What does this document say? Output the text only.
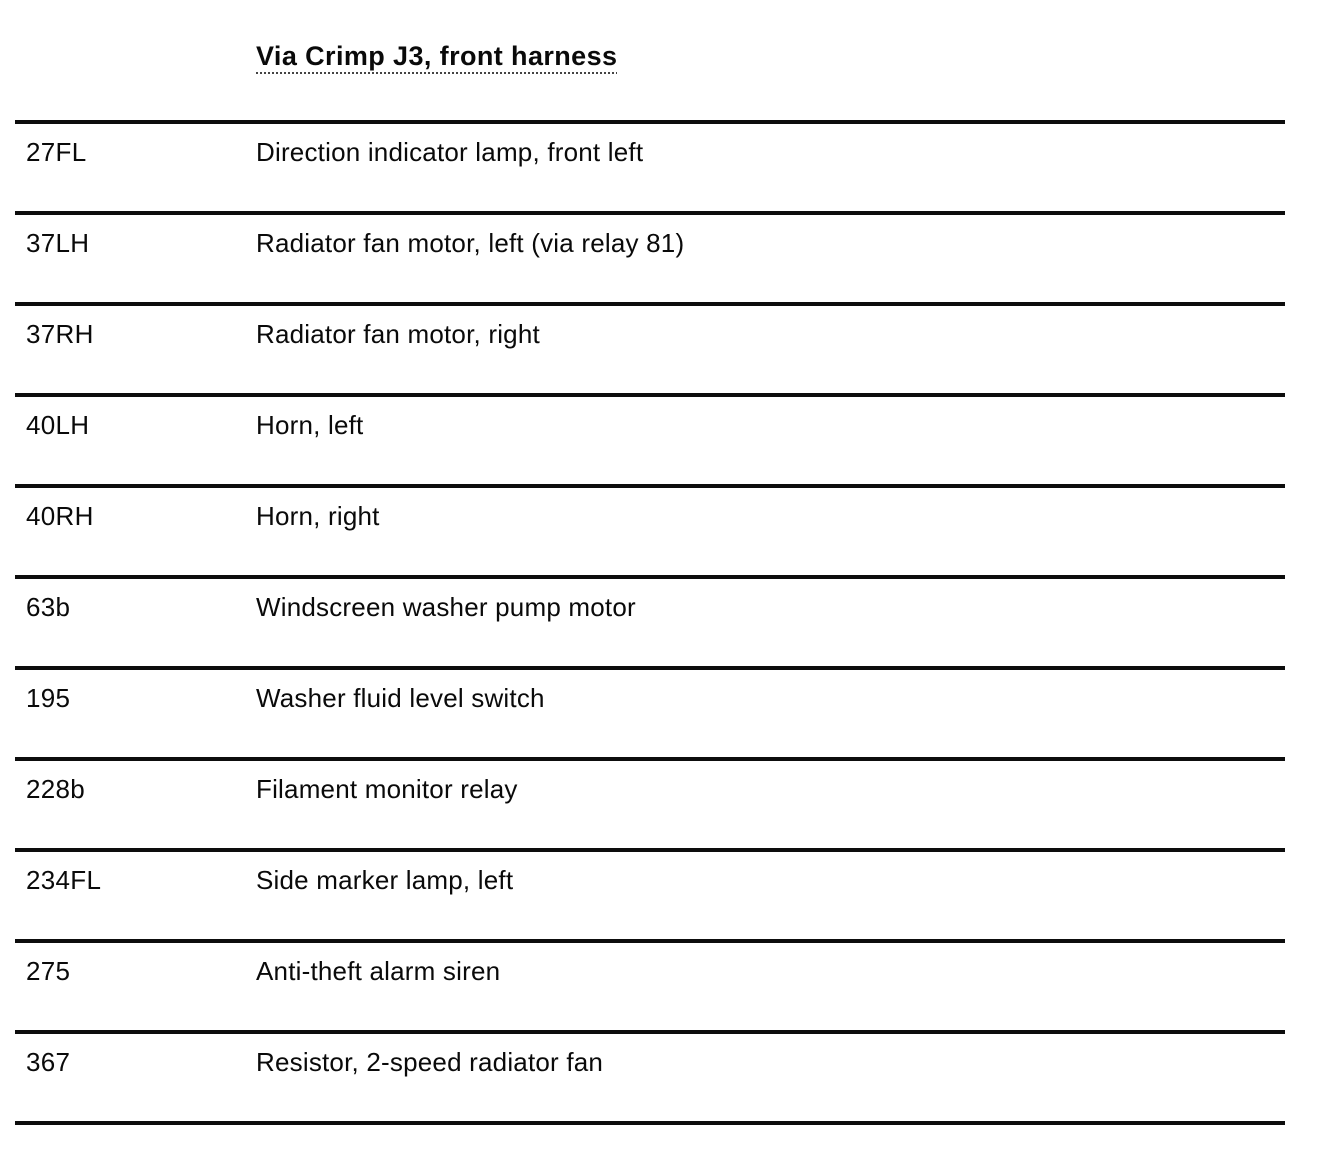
Via Crimp J3, front harness
27FL	Direction indicator lamp, front left
37LH	Radiator fan motor, left (via relay 81)
37RH	Radiator fan motor, right
40LH	Horn, left
40RH	Horn, right
63b	Windscreen washer pump motor
195	Washer fluid level switch
228b	Filament monitor relay
234FL	Side marker lamp, left
275	Anti-theft alarm siren
367	Resistor, 2-speed radiator fan
